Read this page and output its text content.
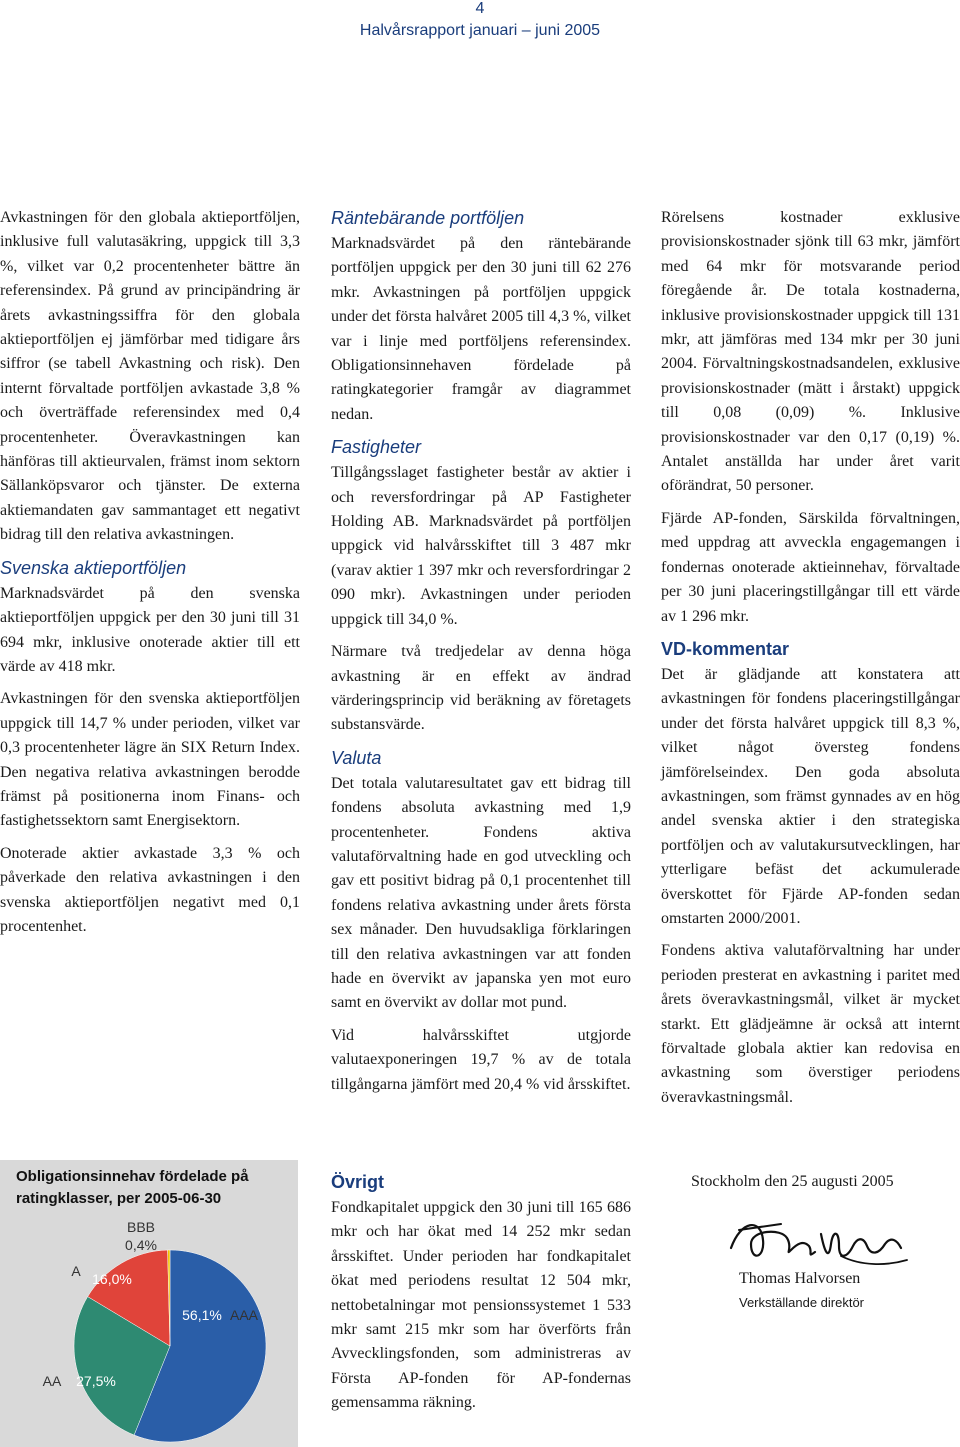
4
Halvårsrapport januari – juni 2005

Avkastningen för den globala aktieportföljen, inklusive full valutasäkring, uppgick till 3,3 %, vilket var 0,2 procentenheter bättre än referensindex. På grund av principändring är årets avkastningssiffra för den globala aktieportföljen ej jämförbar med tidigare års siffror (se tabell Avkastning och risk). Den internt förvaltade portföljen avkastade 3,8 % och överträffade referensindex med 0,4 procentenheter. Överavkastningen kan hänföras till aktieurvalen, främst inom sektorn Sällanköpsvaror och tjänster. De externa aktiemandaten gav sammantaget ett negativt bidrag till den relativa avkastningen.

Svenska aktieportföljen

Marknadsvärdet på den svenska aktieportföljen uppgick per den 30 juni till 31 694 mkr, inklusive onoterade aktier till ett värde av 418 mkr.

Avkastningen för den svenska aktieportföljen uppgick till 14,7 % under perioden, vilket var 0,3 procentenheter lägre än SIX Return Index. Den negativa relativa avkastningen berodde främst på positionerna inom Finans- och fastighetssektorn samt Energisektorn.

Onoterade aktier avkastade 3,3 % och påverkade den relativa avkastningen i den svenska aktieportföljen negativt med 0,1 procentenhet.

Räntebärande portföljen

Marknadsvärdet på den räntebärande portföljen uppgick per den 30 juni till 62 276 mkr. Avkastningen på portföljen uppgick under det första halvåret 2005 till 4,3 %, vilket var i linje med portföljens referensindex. Obligationsinnehaven fördelade på ratingkategorier framgår av diagrammet nedan.

Fastigheter

Tillgångsslaget fastigheter består av aktier i och reversfordringar på AP Fastigheter Holding AB. Marknadsvärdet på portföljen uppgick vid halvårsskiftet till 3 487 mkr (varav aktier 1 397 mkr och reversfordringar 2 090 mkr). Avkastningen under perioden uppgick till 34,0 %.

Närmare två tredjedelar av denna höga avkastning är en effekt av ändrad värderingsprincip vid beräkning av företagets substansvärde.

Valuta

Det totala valutaresultatet gav ett bidrag till fondens absoluta avkastning med 1,9 procentenheter. Fondens aktiva valutaförvaltning hade en god utveckling och gav ett positivt bidrag på 0,1 procentenhet till fondens relativa avkastning under årets första sex månader. Den huvudsakliga förklaringen till den relativa avkastningen var att fonden hade en övervikt av japanska yen mot euro samt en övervikt av dollar mot pund.

Vid halvårsskiftet utgjorde valutaexponeringen 19,7 % av de totala tillgångarna jämfört med 20,4 % vid årsskiftet.

Övrigt

Fondkapitalet uppgick den 30 juni till 165 686 mkr och har ökat med 14 252 mkr sedan årsskiftet. Under perioden har fondkapitalet ökat med periodens resultat 12 504 mkr, nettobetalningar mot pensionssystemet 1 533 mkr samt 215 mkr som har överförts från Avvecklingsfonden, som administreras av Första AP-fonden för AP-fondernas gemensamma räkning.

Rörelsens kostnader exklusive provisionskostnader sjönk till 63 mkr, jämfört med 64 mkr för motsvarande period föregående år. De totala kostnaderna, inklusive provisionskostnader uppgick till 131 mkr, att jämföras med 134 mkr per 30 juni 2004. Förvaltningskostnadsandelen, exklusive provisionskostnader (mätt i årstakt) uppgick till 0,08 (0,09) %. Inklusive provisionskostnader var den 0,17 (0,19) %. Antalet anställda har under året varit oförändrat, 50 personer.

Fjärde AP-fonden, Särskilda förvaltningen, med uppdrag att avveckla engagemangen i fondernas onoterade aktieinnehav, förvaltade per 30 juni placeringstillgångar till ett värde av 1 296 mkr.

VD-kommentar

Det är glädjande att konstatera att avkastningen för fondens placeringstillgångar under det första halvåret uppgick till 8,3 %, vilket något översteg fondens jämförelseindex. Den goda absoluta avkastningen, som främst gynnades av en hög andel svenska aktier i den strategiska portföljen och av valutakursutvecklingen, har ytterligare befäst det ackumulerade överskottet för Fjärde AP-fonden sedan omstarten 2000/2001.

Fondens aktiva valutaförvaltning har under perioden presterat en avkastning i paritet med årets överavkastningsmål, vilket är mycket starkt. Ett glädjeämne är också att internt förvaltade globala aktier kan redovisa en avkastning som överstiger periodens överavkastningsmål.

Obligationsinnehav fördelade på ratingklasser, per 2005-06-30
56,1% AAA
27,5%
AA
16,0%
A
0,4%
BBB
Stockholm den 25 augusti 2005
Thomas Halvorsen
Verkställande direktör
